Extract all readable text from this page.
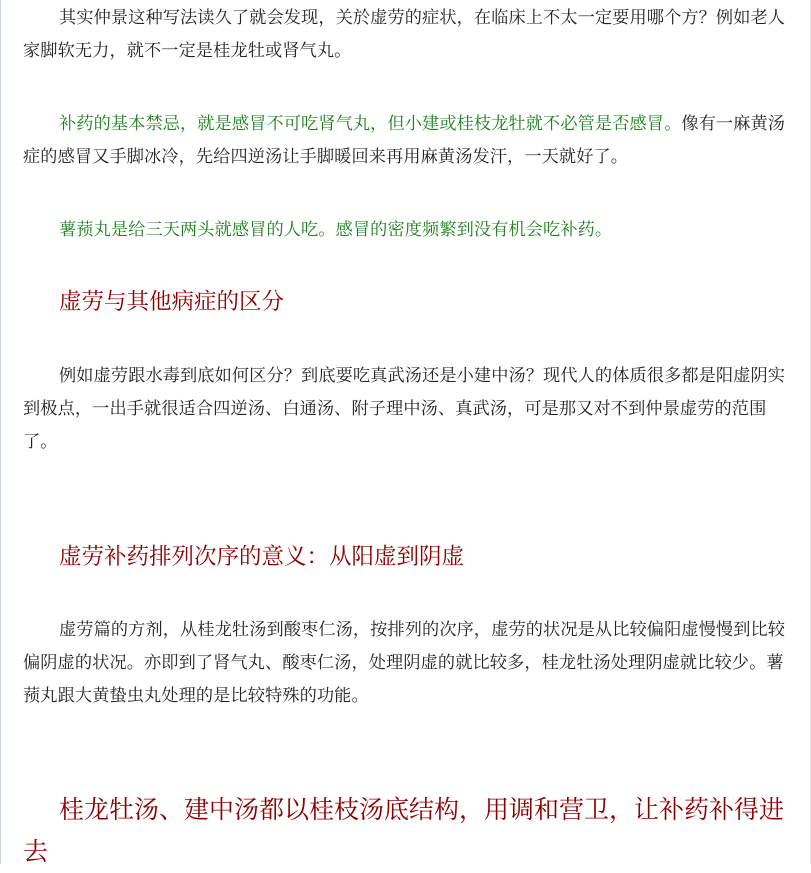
其实仲景这种写法读久了就会发现，关於虚劳的症状，在临床上不太一定要用哪个方？例如老人家脚软无力，就不一定是桂龙牡或肾气丸。

补药的基本禁忌，就是感冒不可吃肾气丸，但小建或桂枝龙牡就不必管是否感冒。像有一麻黄汤症的感冒又手脚冰冷，先给四逆汤让手脚暖回来再用麻黄汤发汗，一天就好了。

薯蓣丸是给三天两头就感冒的人吃。感冒的密度频繁到没有机会吃补药。

虚劳与其他病症的区分

例如虚劳跟水毒到底如何区分？到底要吃真武汤还是小建中汤？现代人的体质很多都是阳虚阴实到极点，一出手就很适合四逆汤、白通汤、附子理中汤、真武汤，可是那又对不到仲景虚劳的范围了。

虚劳补药排列次序的意义：从阳虚到阴虚

虚劳篇的方剂，从桂龙牡汤到酸枣仁汤，按排列的次序，虚劳的状况是从比较偏阳虚慢慢到比较偏阴虚的状况。亦即到了肾气丸、酸枣仁汤，处理阴虚的就比较多，桂龙牡汤处理阴虚就比较少。薯蓣丸跟大黄蛰虫丸处理的是比较特殊的功能。

桂龙牡汤、建中汤都以桂枝汤底结构，用调和营卫，让补药补得进去
